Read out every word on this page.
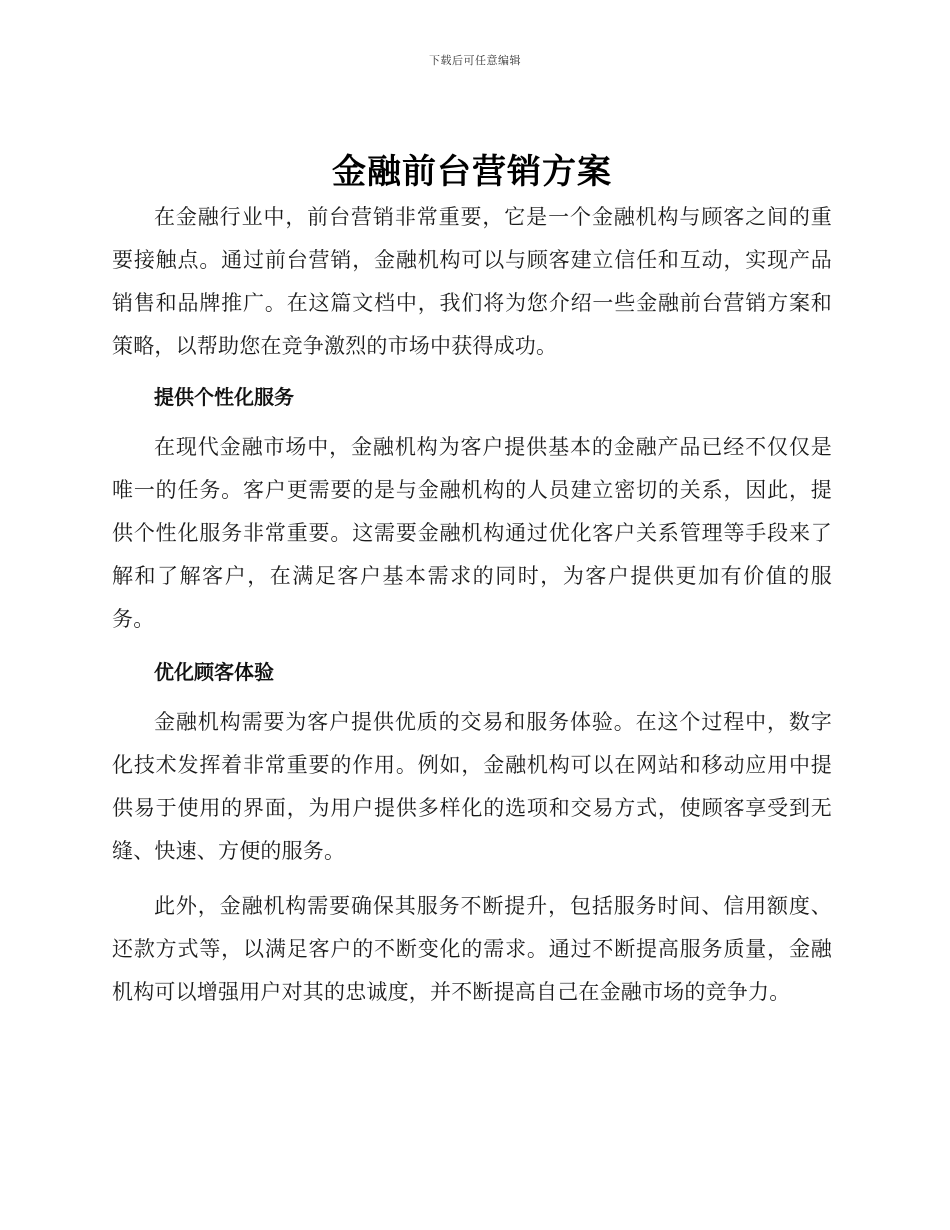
下载后可任意编辑
金融前台营销方案

在金融行业中，前台营销非常重要，它是一个金融机构与顾客之间的重要接触点。通过前台营销，金融机构可以与顾客建立信任和互动，实现产品销售和品牌推广。在这篇文档中，我们将为您介绍一些金融前台营销方案和策略，以帮助您在竞争激烈的市场中获得成功。

提供个性化服务

在现代金融市场中，金融机构为客户提供基本的金融产品已经不仅仅是唯一的任务。客户更需要的是与金融机构的人员建立密切的关系，因此，提供个性化服务非常重要。这需要金融机构通过优化客户关系管理等手段来了解和了解客户，在满足客户基本需求的同时，为客户提供更加有价值的服务。

优化顾客体验

金融机构需要为客户提供优质的交易和服务体验。在这个过程中，数字化技术发挥着非常重要的作用。例如，金融机构可以在网站和移动应用中提供易于使用的界面，为用户提供多样化的选项和交易方式，使顾客享受到无缝、快速、方便的服务。

此外，金融机构需要确保其服务不断提升，包括服务时间、信用额度、还款方式等，以满足客户的不断变化的需求。通过不断提高服务质量，金融机构可以增强用户对其的忠诚度，并不断提高自己在金融市场的竞争力。
